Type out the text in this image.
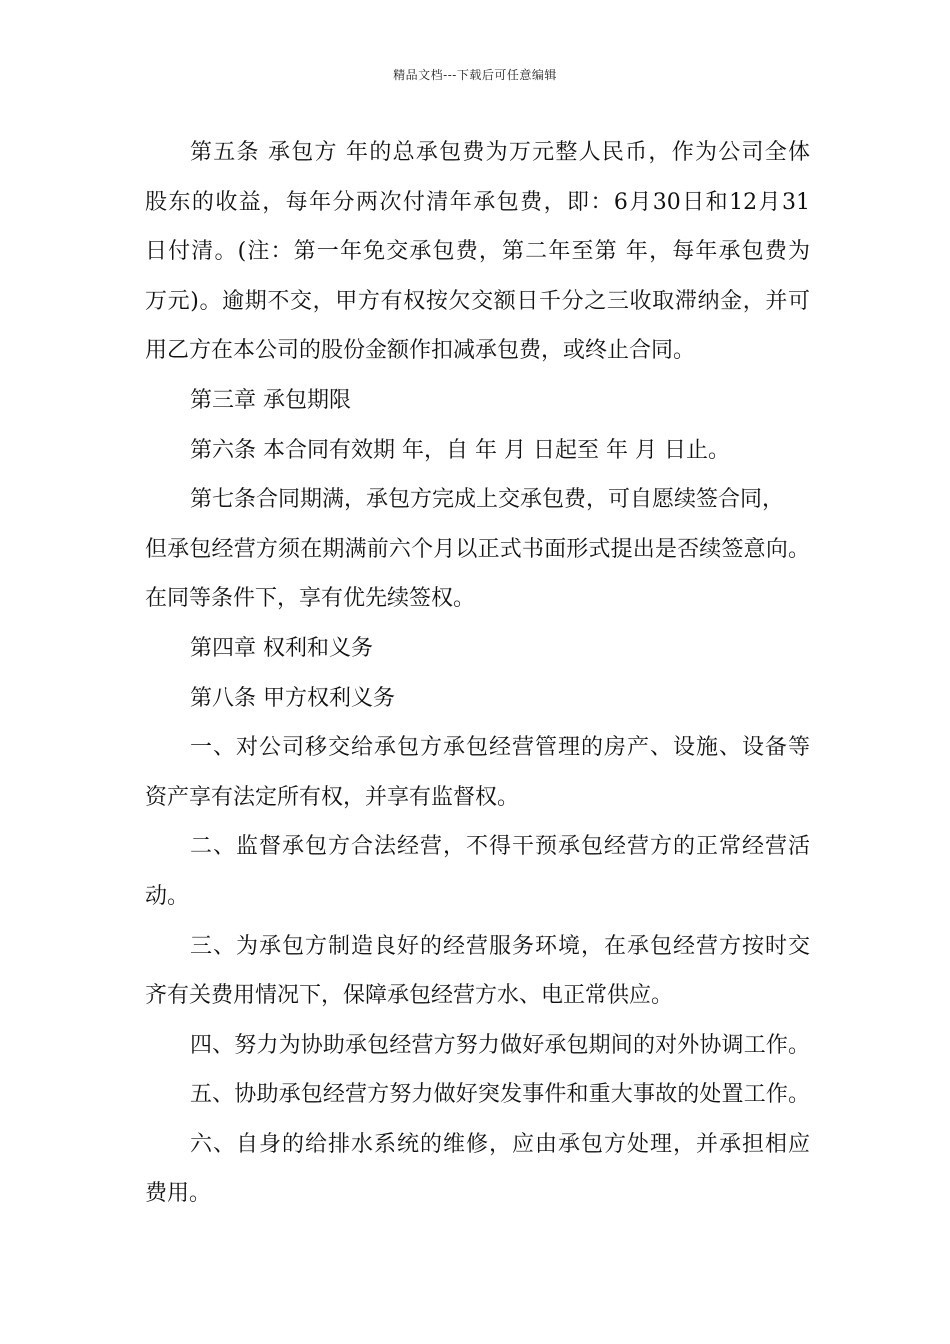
精品文档---下载后可任意编辑
第五条 承包方 年的总承包费为万元整人民币，作为公司全体
股东的收益，每年分两次付清年承包费，即：6月30日和12月31
日付清。(注：第一年免交承包费，第二年至第 年，每年承包费为
万元)。逾期不交，甲方有权按欠交额日千分之三收取滞纳金，并可
用乙方在本公司的股份金额作扣减承包费，或终止合同。
第三章 承包期限
第六条 本合同有效期 年，自 年 月 日起至 年 月 日止。
第七条合同期满，承包方完成上交承包费，可自愿续签合同，
但承包经营方须在期满前六个月以正式书面形式提出是否续签意向。
在同等条件下，享有优先续签权。
第四章 权利和义务
第八条 甲方权利义务
一、对公司移交给承包方承包经营管理的房产、设施、设备等
资产享有法定所有权，并享有监督权。
二、监督承包方合法经营，不得干预承包经营方的正常经营活
动。
三、为承包方制造良好的经营服务环境，在承包经营方按时交
齐有关费用情况下，保障承包经营方水、电正常供应。
四、努力为协助承包经营方努力做好承包期间的对外协调工作。
五、协助承包经营方努力做好突发事件和重大事故的处置工作。
六、自身的给排水系统的维修，应由承包方处理，并承担相应
费用。
